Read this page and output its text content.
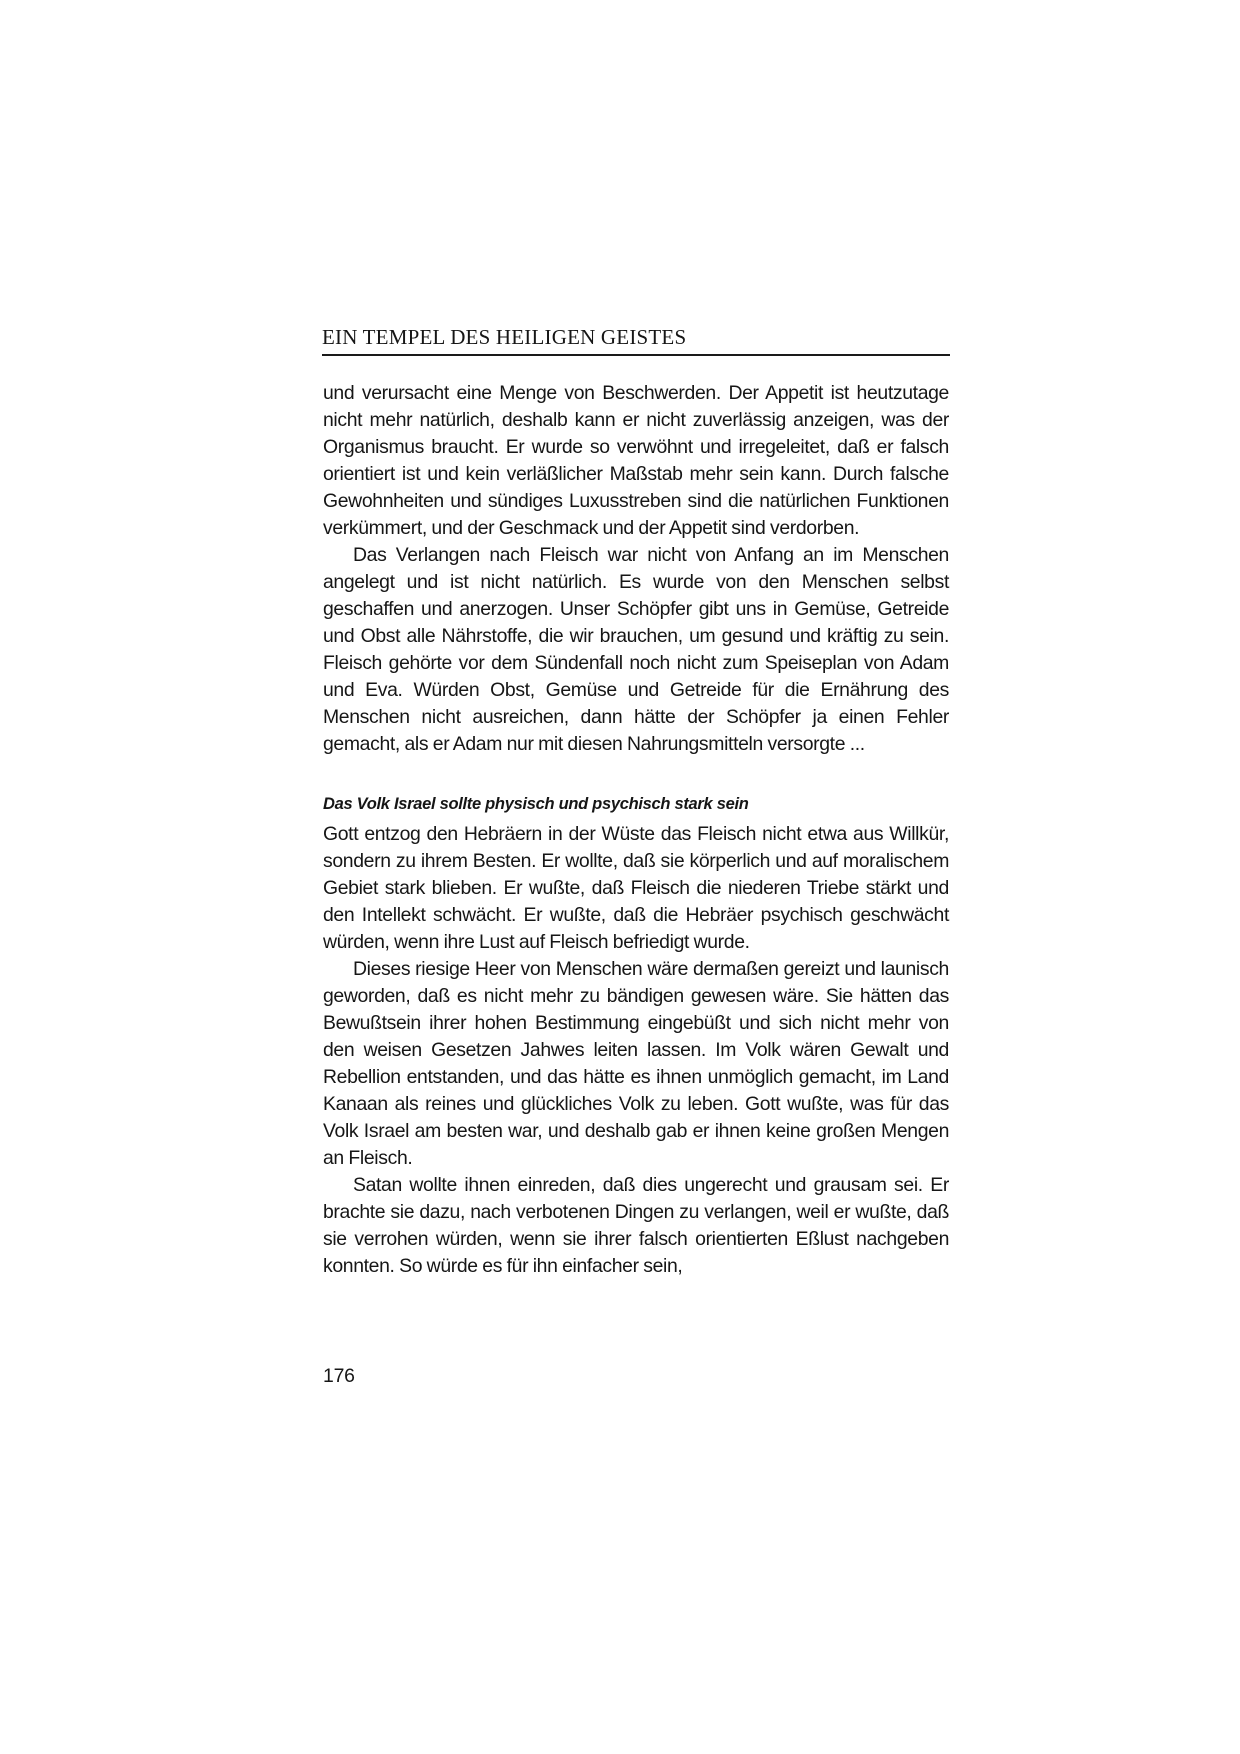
EIN TEMPEL DES HEILIGEN GEISTES

und verursacht eine Menge von Beschwerden. Der Appetit ist heutzutage nicht mehr natürlich, deshalb kann er nicht zuverlässig anzeigen, was der Organismus braucht. Er wurde so verwöhnt und irregeleitet, daß er falsch orientiert ist und kein verläßlicher Maßstab mehr sein kann. Durch falsche Gewohnheiten und sündiges Luxusstreben sind die natürlichen Funktionen verkümmert, und der Geschmack und der Appetit sind verdorben.

Das Verlangen nach Fleisch war nicht von Anfang an im Menschen angelegt und ist nicht natürlich. Es wurde von den Menschen selbst geschaffen und anerzogen. Unser Schöpfer gibt uns in Gemüse, Getreide und Obst alle Nährstoffe, die wir brauchen, um gesund und kräftig zu sein. Fleisch gehörte vor dem Sündenfall noch nicht zum Speiseplan von Adam und Eva. Würden Obst, Gemüse und Getreide für die Ernährung des Menschen nicht ausreichen, dann hätte der Schöpfer ja einen Fehler gemacht, als er Adam nur mit diesen Nahrungsmitteln versorgte ...

Das Volk Israel sollte physisch und psychisch stark sein

Gott entzog den Hebräern in der Wüste das Fleisch nicht etwa aus Willkür, sondern zu ihrem Besten. Er wollte, daß sie körperlich und auf moralischem Gebiet stark blieben. Er wußte, daß Fleisch die niederen Triebe stärkt und den Intellekt schwächt. Er wußte, daß die Hebräer psychisch geschwächt würden, wenn ihre Lust auf Fleisch befriedigt wurde.

Dieses riesige Heer von Menschen wäre dermaßen gereizt und launisch geworden, daß es nicht mehr zu bändigen gewesen wäre. Sie hätten das Bewußtsein ihrer hohen Bestimmung eingebüßt und sich nicht mehr von den weisen Gesetzen Jahwes leiten lassen. Im Volk wären Gewalt und Rebellion entstanden, und das hätte es ihnen unmöglich gemacht, im Land Kanaan als reines und glückliches Volk zu leben. Gott wußte, was für das Volk Israel am besten war, und deshalb gab er ihnen keine großen Mengen an Fleisch.

Satan wollte ihnen einreden, daß dies ungerecht und grausam sei. Er brachte sie dazu, nach verbotenen Dingen zu verlangen, weil er wußte, daß sie verrohen würden, wenn sie ihrer falsch orientierten Eßlust nachgeben konnten. So würde es für ihn einfacher sein,

176
